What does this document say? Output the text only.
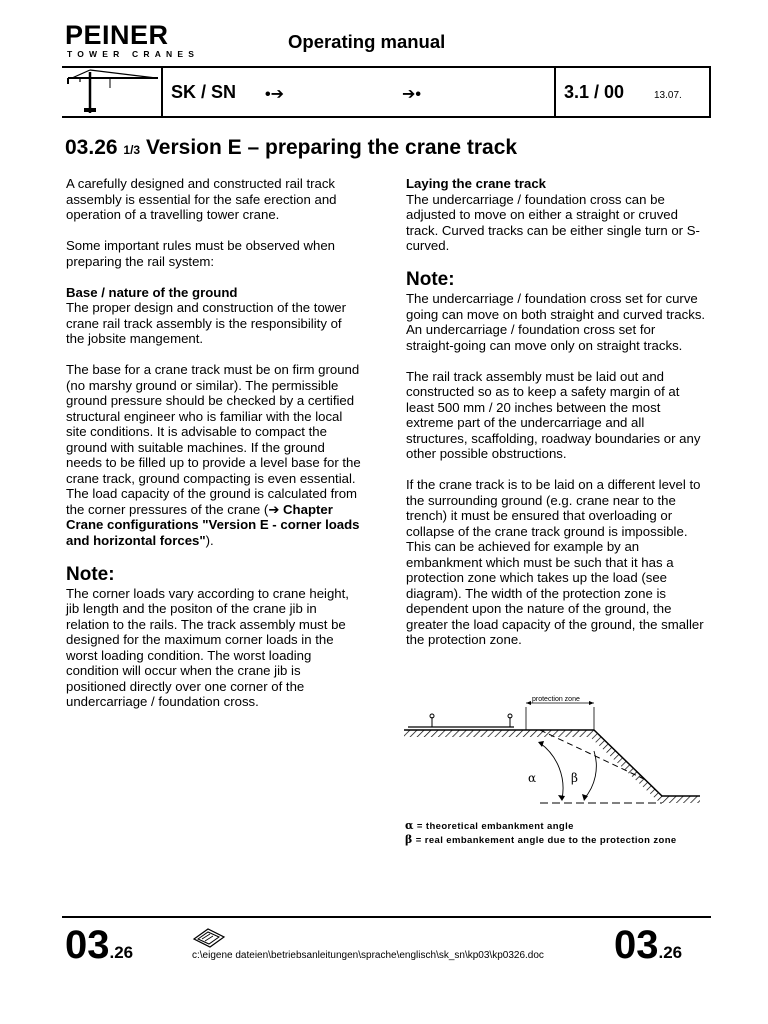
PEINER
TOWER CRANES
Operating manual
SK / SN •➔	➔•	3.1 / 00	13.07.
03.26 1/3 Version E – preparing the crane track

A carefully designed and constructed rail track assembly is essential for the safe erection and operation of a travelling tower crane.

Some important rules must be observed when preparing the rail system:

Base / nature of the ground
The proper design and construction of the tower crane rail track assembly is the responsibility of the jobsite mangement.

The base for a crane track must be on firm ground (no marshy ground or similar). The permissible ground pressure should be checked by a certified structural engineer who is familiar with the local site conditions. It is advisable to compact the ground with suitable machines. If the ground needs to be filled up to provide a level base for the crane track, ground compacting is even essential. The load capacity of the ground is calculated from the corner pressures of the crane (➔ Chapter Crane configurations "Version E - corner loads and horizontal forces").

Note:
The corner loads vary according to crane height, jib length and the positon of the crane jib in relation to the rails. The track assembly must be designed for the maximum corner loads in the worst loading condition. The worst loading condition will occur when the crane jib is positioned directly over one corner of the undercarriage / foundation cross.

Laying the crane track
The undercarriage / foundation cross can be adjusted to move on either a straight or cruved track. Curved tracks can be either single turn or S-curved.

Note:
The undercarriage / foundation cross set for curve going can move on both straight and curved tracks. An undercarriage / foundation cross set for straight-going can move only on straight tracks.

The rail track assembly must be laid out and constructed so as to keep a safety margin of at least 500 mm / 20 inches between the most extreme part of the undercarriage and all structures, scaffolding, roadway boundaries or any other possible obstructions.

If the crane track is to be laid on a different level to the surrounding ground (e.g. crane near to the trench) it must be ensured that overloading or collapse of the crane track ground is impossible. This can be achieved for example by an embankment which must be such that it has a protection zone which takes up the load (see diagram). The width of the protection zone is dependent upon the nature of the ground, the greater the load capacity of the ground, the smaller the protection zone.

protection zone
α	β
α = theoretical embankment angle
β = real embankement angle due to the protection zone
03.26	c:\eigene dateien\betriebsanleitungen\sprache\englisch\sk_sn\kp03\kp0326.doc 03.26
